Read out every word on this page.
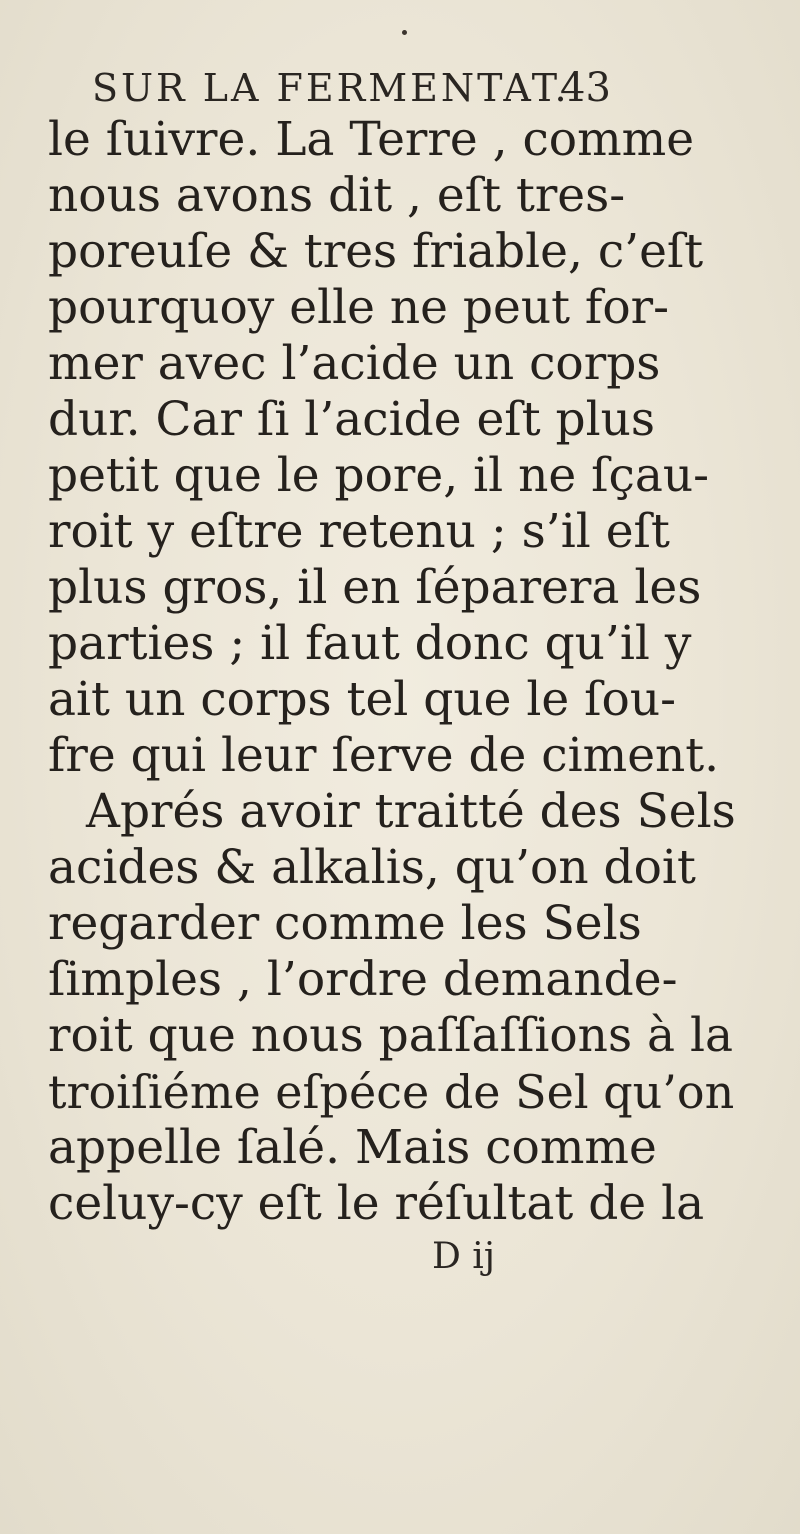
SUR LA FERMENTAT.
43
le ſuivre. La Terre , comme
nous avons dit , eſt tres-
poreuſe & tres friable, c’eſt
pourquoy elle ne peut for-
mer avec l’acide un corps
dur. Car ſi l’acide eſt plus
petit que le pore, il ne ſçau-
roit y eſtre retenu ; s’il eſt
plus gros, il en ſéparera les
parties ; il faut donc qu’il y
ait un corps tel que le ſou-
fre qui leur ſerve de ciment.
Aprés avoir traitté des Sels
acides & alkalis, qu’on doit
regarder comme les Sels
ſimples , l’ordre demande-
roit que nous paſſaſſions à la
troiſiéme eſpéce de Sel qu’on
appelle ſalé. Mais comme
celuy-cy eſt le réſultat de la
D ij
